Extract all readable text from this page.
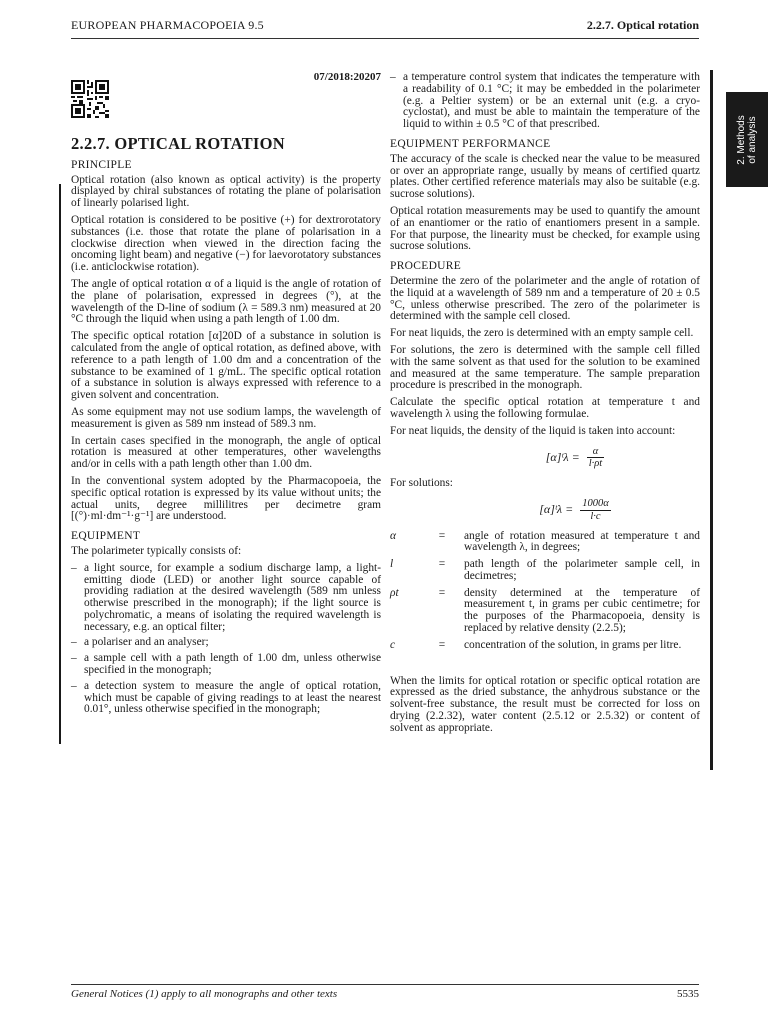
EUROPEAN PHARMACOPOEIA 9.5	2.2.7. Optical rotation
2. Methods
of analysis
07/2018:20207
2.2.7. OPTICAL ROTATION
PRINCIPLE

Optical rotation (also known as optical activity) is the property displayed by chiral substances of rotating the plane of polarisation of linearly polarised light.

Optical rotation is considered to be positive (+) for dextrorotatory substances (i.e. those that rotate the plane of polarisation in a clockwise direction when viewed in the direction facing the oncoming light beam) and negative (−) for laevorotatory substances (i.e. anticlockwise rotation).

The angle of optical rotation α of a liquid is the angle of rotation of the plane of polarisation, expressed in degrees (°), at the wavelength of the D-line of sodium (λ = 589.3 nm) measured at 20 °C through the liquid when using a path length of 1.00 dm.

The specific optical rotation [α]20D of a substance in solution is calculated from the angle of optical rotation, as defined above, with reference to a path length of 1.00 dm and a concentration of the substance to be examined of 1 g/mL. The specific optical rotation of a substance in solution is always expressed with reference to a given solvent and concentration.

As some equipment may not use sodium lamps, the wavelength of measurement is given as 589 nm instead of 589.3 nm.

In certain cases specified in the monograph, the angle of optical rotation is measured at other temperatures, other wavelengths and/or in cells with a path length other than 1.00 dm.

In the conventional system adopted by the Pharmacopoeia, the specific optical rotation is expressed by its value without units; the actual units, degree millilitres per decimetre gram [(°)·ml·dm⁻¹·g⁻¹] are understood.

EQUIPMENT

The polarimeter typically consists of:

– a light source, for example a sodium discharge lamp, a light-emitting diode (LED) or another light source capable of providing radiation at the desired wavelength (589 nm unless otherwise prescribed in the monograph); if the light source is polychromatic, a means of isolating the required wavelength is necessary, e.g. an optical filter;
– a polariser and an analyser;
– a sample cell with a path length of 1.00 dm, unless otherwise specified in the monograph;
– a detection system to measure the angle of optical rotation, which must be capable of giving readings to at least the nearest 0.01°, unless otherwise specified in the monograph;
– a temperature control system that indicates the temperature with a readability of 0.1 °C; it may be embedded in the polarimeter (e.g. a Peltier system) or be an external unit (e.g. a cryo-cyclostat), and must be able to maintain the temperature of the liquid to within ± 0.5 °C of that prescribed.
EQUIPMENT PERFORMANCE

The accuracy of the scale is checked near the value to be measured or over an appropriate range, usually by means of certified quartz plates. Other certified reference materials may also be suitable (e.g. sucrose solutions).

Optical rotation measurements may be used to quantify the amount of an enantiomer or the ratio of enantiomers present in a sample. For that purpose, the linearity must be checked, for example using sucrose solutions.

PROCEDURE

Determine the zero of the polarimeter and the angle of rotation of the liquid at a wavelength of 589 nm and a temperature of 20 ± 0.5 °C, unless otherwise prescribed. The zero of the polarimeter is determined with the sample cell closed.

For neat liquids, the zero is determined with an empty sample cell.

For solutions, the zero is determined with the sample cell filled with the same solvent as that used for the solution to be examined and measured at the same temperature. The sample preparation procedure is prescribed in the monograph.

Calculate the specific optical rotation at temperature t and wavelength λ using the following formulae.

For neat liquids, the density of the liquid is taken into account:

[α]ᵗλ = $\frac{\alpha}{l\cdot\rho t}$

For solutions:

[α]ᵗλ = $\frac{1000\alpha}{l\cdot c}$
α	=	angle of rotation measured at temperature t and wavelength λ, in degrees;
l	=	path length of the polarimeter sample cell, in decimetres;
ρt	=	density determined at the temperature of measurement t, in grams per cubic centimetre; for the purposes of the Pharmacopoeia, density is replaced by relative density (2.2.5);
c	=	concentration of the solution, in grams per litre.

When the limits for optical rotation or specific optical rotation are expressed as the dried substance, the anhydrous substance or the solvent-free substance, the result must be corrected for loss on drying (2.2.32), water content (2.5.12 or 2.5.32) or content of solvent as appropriate.

General Notices (1) apply to all monographs and other texts	5535
